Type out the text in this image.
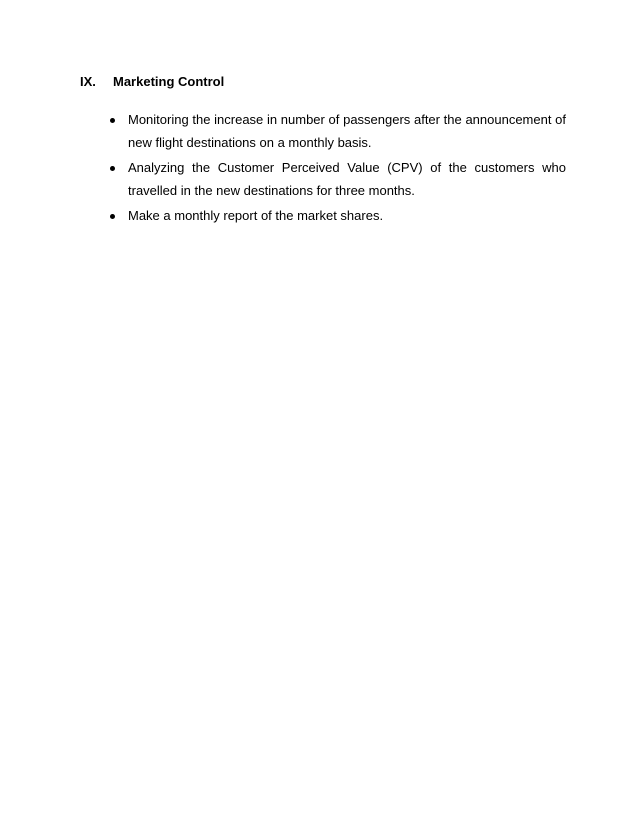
IX. Marketing Control
Monitoring the increase in number of passengers after the announcement of new flight destinations on a monthly basis.
Analyzing the Customer Perceived Value (CPV) of the customers who travelled in the new destinations for three months.
Make a monthly report of the market shares.
